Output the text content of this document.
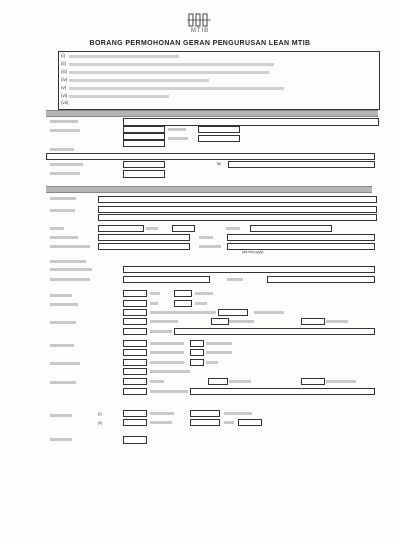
MTIB
BORANG PERMOHONAN GERAN PENGURUSAN LEAN MTIB
(i)
(ii)
(iii)
(iv)
(v)
(vi)
(vii)
Tel
(dd-mm-yyyy)
(i)
(ii)
